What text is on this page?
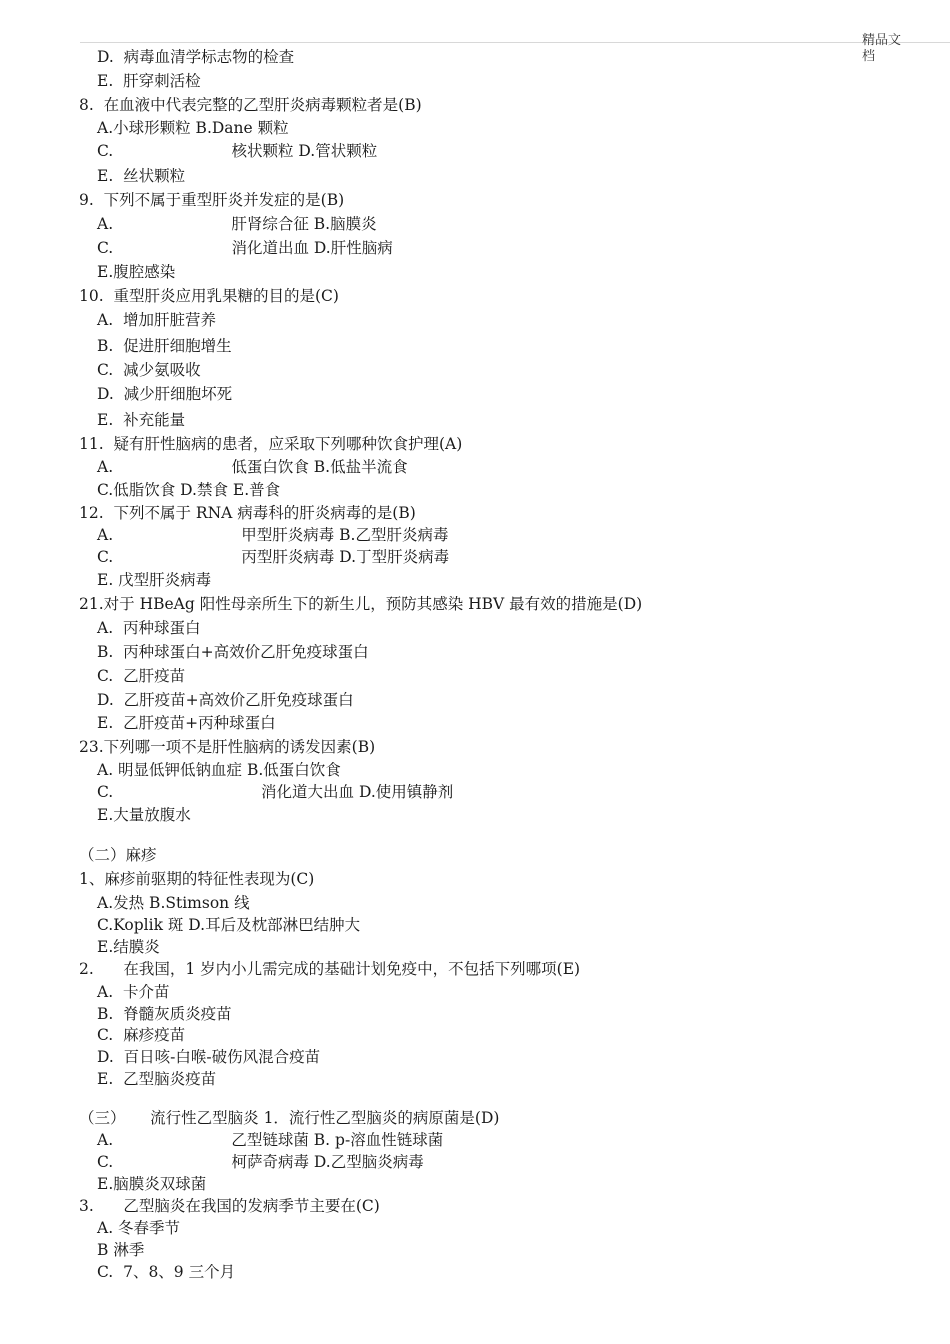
精品文档
D.  病毒血清学标志物的检查
E.  肝穿刺活检
8.  在血液中代表完整的乙型肝炎病毒颗粒者是(B)
A.小球形颗粒 B.Dane 颗粒
C.                        核状颗粒 D.管状颗粒
E.  丝状颗粒
9.  下列不属于重型肝炎并发症的是(B)
A.                        肝肾综合征 B.脑膜炎
C.                        消化道出血 D.肝性脑病
E.腹腔感染
10.  重型肝炎应用乳果糖的目的是(C)
A.  增加肝脏营养
B.  促进肝细胞增生
C.  减少氨吸收
D.  减少肝细胞坏死
E.  补充能量
11.  疑有肝性脑病的患者，应采取下列哪种饮食护理(A)
A.                        低蛋白饮食 B.低盐半流食
C.低脂饮食 D.禁食 E.普食
12.  下列不属于 RNA 病毒科的肝炎病毒的是(B)
A.                          甲型肝炎病毒 B.乙型肝炎病毒
C.                          丙型肝炎病毒 D.丁型肝炎病毒
E. 戊型肝炎病毒
21.对于 HBeAg 阳性母亲所生下的新生儿，预防其感染 HBV 最有效的措施是(D)
A.  丙种球蛋白
B.  丙种球蛋白+高效价乙肝免疫球蛋白
C.  乙肝疫苗
D.  乙肝疫苗+高效价乙肝免疫球蛋白
E.  乙肝疫苗+丙种球蛋白
23.下列哪一项不是肝性脑病的诱发因素(B)
A. 明显低钾低钠血症 B.低蛋白饮食
C.                              消化道大出血 D.使用镇静剂
E.大量放腹水
（二）麻疹
1、麻疹前驱期的特征性表现为(C)
A.发热 B.Stimson 线
C.Koplik 斑 D.耳后及枕部淋巴结肿大
E.结膜炎
2.      在我国，1 岁内小儿需完成的基础计划免疫中，不包括下列哪项(E)
A.  卡介苗
B.  脊髓灰质炎疫苗
C.  麻疹疫苗
D.  百日咳-白喉-破伤风混合疫苗
E.  乙型脑炎疫苗
（三）     流行性乙型脑炎 1．流行性乙型脑炎的病原菌是(D)
A.                        乙型链球菌 B. p-溶血性链球菌
C.                        柯萨奇病毒 D.乙型脑炎病毒
E.脑膜炎双球菌
3.      乙型脑炎在我国的发病季节主要在(C)
A. 冬春季节
B 淋季
C.  7、8、9 三个月
